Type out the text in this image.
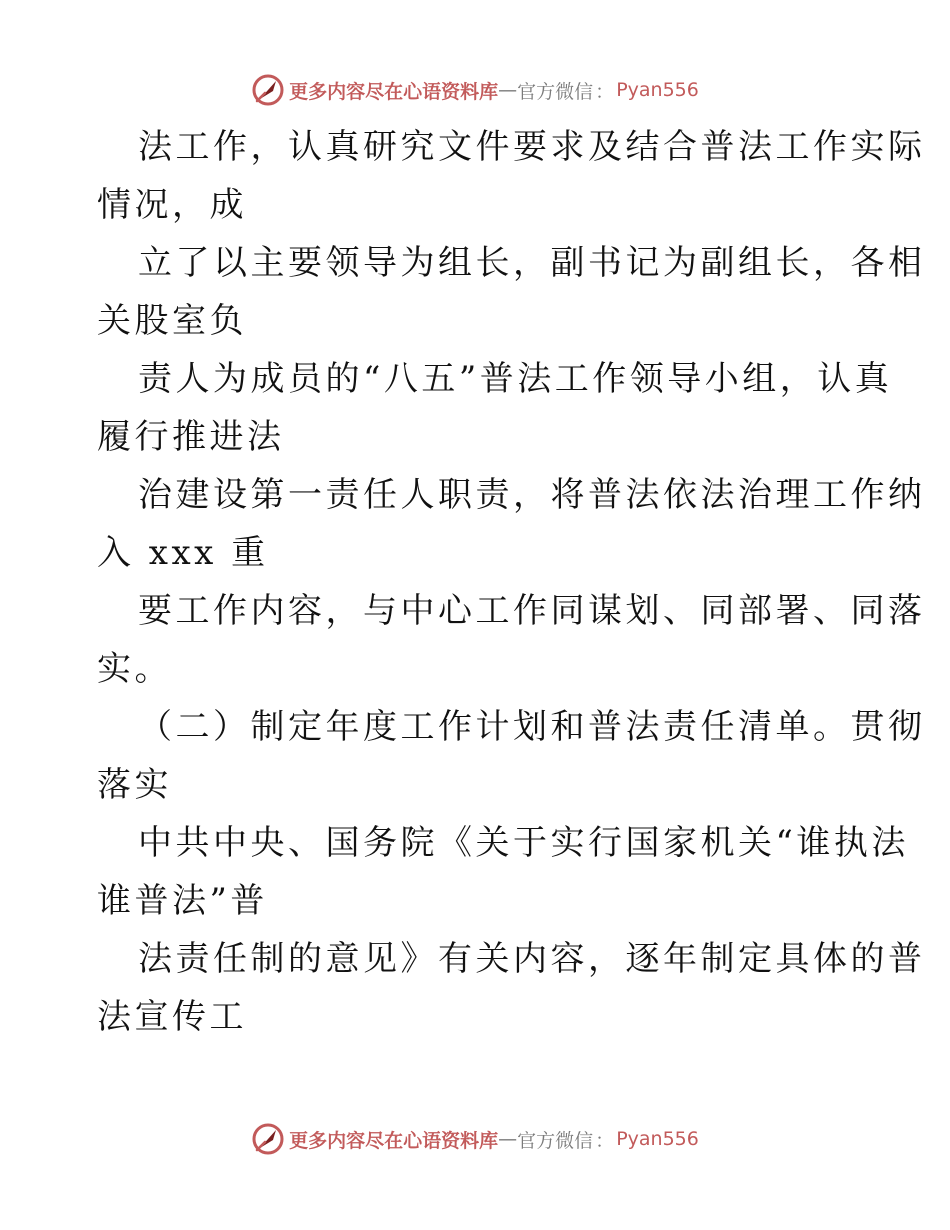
更多内容尽在心语资料库 — 官方微信 ： Pyan556

法工作，认真研究文件要求及结合普法工作实际
情况，成

立了以主要领导为组长，副书记为副组长，各相
关股室负

责人为成员的“八五”普法工作领导小组，认真
履行推进法

治建设第一责任人职责，将普法依法治理工作纳
入 xxx 重

要工作内容，与中心工作同谋划、同部署、同落
实。

（二）制定年度工作计划和普法责任清单。贯彻
落实

中共中央、国务院《关于实行国家机关“谁执法
谁普法”普

法责任制的意见》有关内容，逐年制定具体的普
法宣传工

更多内容尽在心语资料库 — 官方微信 ： Pyan556
